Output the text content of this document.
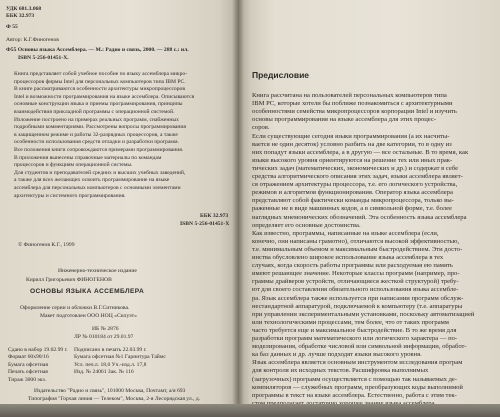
УДК 681.3.068
ББК 32.973
Ф 55
Автор: К.Г.Финогенов
Ф55 Основы языка Ассемблера. — М.: Радио и связь, 2000. — 288 с.: ил.
ISBN 5-256-01451-Х.
Книга представляет собой учебное пособие по языку ассемблера микро-
процессоров фирмы Intel для персональных компьютеров типа IBM PC.
В книге рассматриваются особенности архитектуры микропроцессоров
Intel и возможности программирования на языке ассемблера. Описываются
основные конструкции языка и приемы программирования, принципы
взаимодействия прикладной программы с операционной системой.
Изложение построено на примерах реальных программ, снабженных
подробными комментариями. Рассмотрены вопросы программирования
в защищенном режиме и работы 32-разрядных процессоров, а также
особенности использования средств отладки и разработки программ.
Все положения книги сопровождаются примерами программирования.
В приложения вынесены справочные материалы по командам
процессоров и функциям операционной системы.
Для студентов и преподавателей средних и высших учебных заведений,
а также для всех желающих освоить программирование на языке
ассемблера для персональных компьютеров с основными элементами
архитектуры и системного программирования.
ББК 32.973
ISBN 5-256-01451-Х
© Финогенов К.Г., 1999
Инженерно-техническое издание
Кирилл Григорьевич ФИНОГЕНОВ
ОСНОВЫ ЯЗЫКА АССЕМБЛЕРА
Оформление серии и обложки В.Г.Ситникова.
Макет подготовлен ООО НОЦ «Силуэт»
ИБ № 2876
ЛР № 010184 от 29.01.97
Сдано в набор 19.02.99 г.
Формат 60х90/16
Бумага офсетная
Печать офсетная
Тираж 3000 экз.
Подписано в печать 22.03.99 г.
Бумага офсетная №1 Гарнитура Таймс
Усл. печ.л. 18,0 Уч.-изд.л. 17,8
Изд. № 24061 Зак. № 116
Издательство "Радио и связь", 101000 Москва, Почтамт, а/я 693
Типография "Горчая линия — Телеком", Москва, 2-я Лесорядская ул., д.
Предисловие
Книга рассчитана на пользователей персональных компьютеров типа
IBM PC, которые хотели бы поближе познакомиться с архитектурными
особенностями семейства микропроцессоров корпорации Intel и изучить
основы программирования на языке ассемблера для этих процес-
соров.
Если существующие сегодня языки программирования (а их насчиты-
вается не один десяток) условно разбить на две категории, то в одну из
них попадут языки ассемблера, а в другую — все остальные. В то время, как
языки высокого уровня ориентируются на решение тех или иных прак-
тических задач (математических, экономических и др.) и содержат в себе
средства алгоритмического описания этих задач, языки ассемблера являет-
ся отражением архитектуры процессора, т.е. его логического устройства,
режимов и алгоритмов функционирования. Оператор языка ассемблера
представляют собой фактически команды микропроцессора, только вы-
раженные не в виде машинных кодов, а в символьной форме, т.е. более
наглядных мнемонических обозначений. Эта особенность языка ассемблера
определяет его основные достоинства.
Как известно, программы, написанные на языке ассемблера (если,
конечно, они написаны грамотно), отличаются высокой эффективностью,
т.е. минимальным объемом и максимальным быстродействием. Эти досто-
инства обусловлено широкое использование языка ассемблера в тех
случаях, когда скорость работы программы или расходуемая ею память
имеют решающее значение. Некоторые классы программ (например, про-
граммы драйверов устройств, отличающиеся жесткой структурой) требу-
ют для своего составления обязательного использования языка ассембле-
ра. Язык ассемблера также используется при написании программ обслуж-
нестандартной аппаратурой, подключаемой к компьютеру (т.е. аппаратуры
при управлении экспериментальными установками, поскольку автоматизацией
или технологическими процессами, тем более, что от таких программ
часто требуется еще и максимальное быстродействие. В то же время для
разработки программ математического или логического характера — по-
моделирования, обработке числовой или символьной информации, обработ-
ка баз данных и др. лучше подходят языки высокого уровня.
Язык ассемблера является основным инструментом исследования програм
для контроля их исходных текстов. Расшифровка выполнимых
(загрузочных) программ осуществляется с помощью так называемых де-
компиляторов — служебных программ, преобразующих коды выполнимой
программы в текст на языке ассемблера. Естественно, работа с этим тек-
